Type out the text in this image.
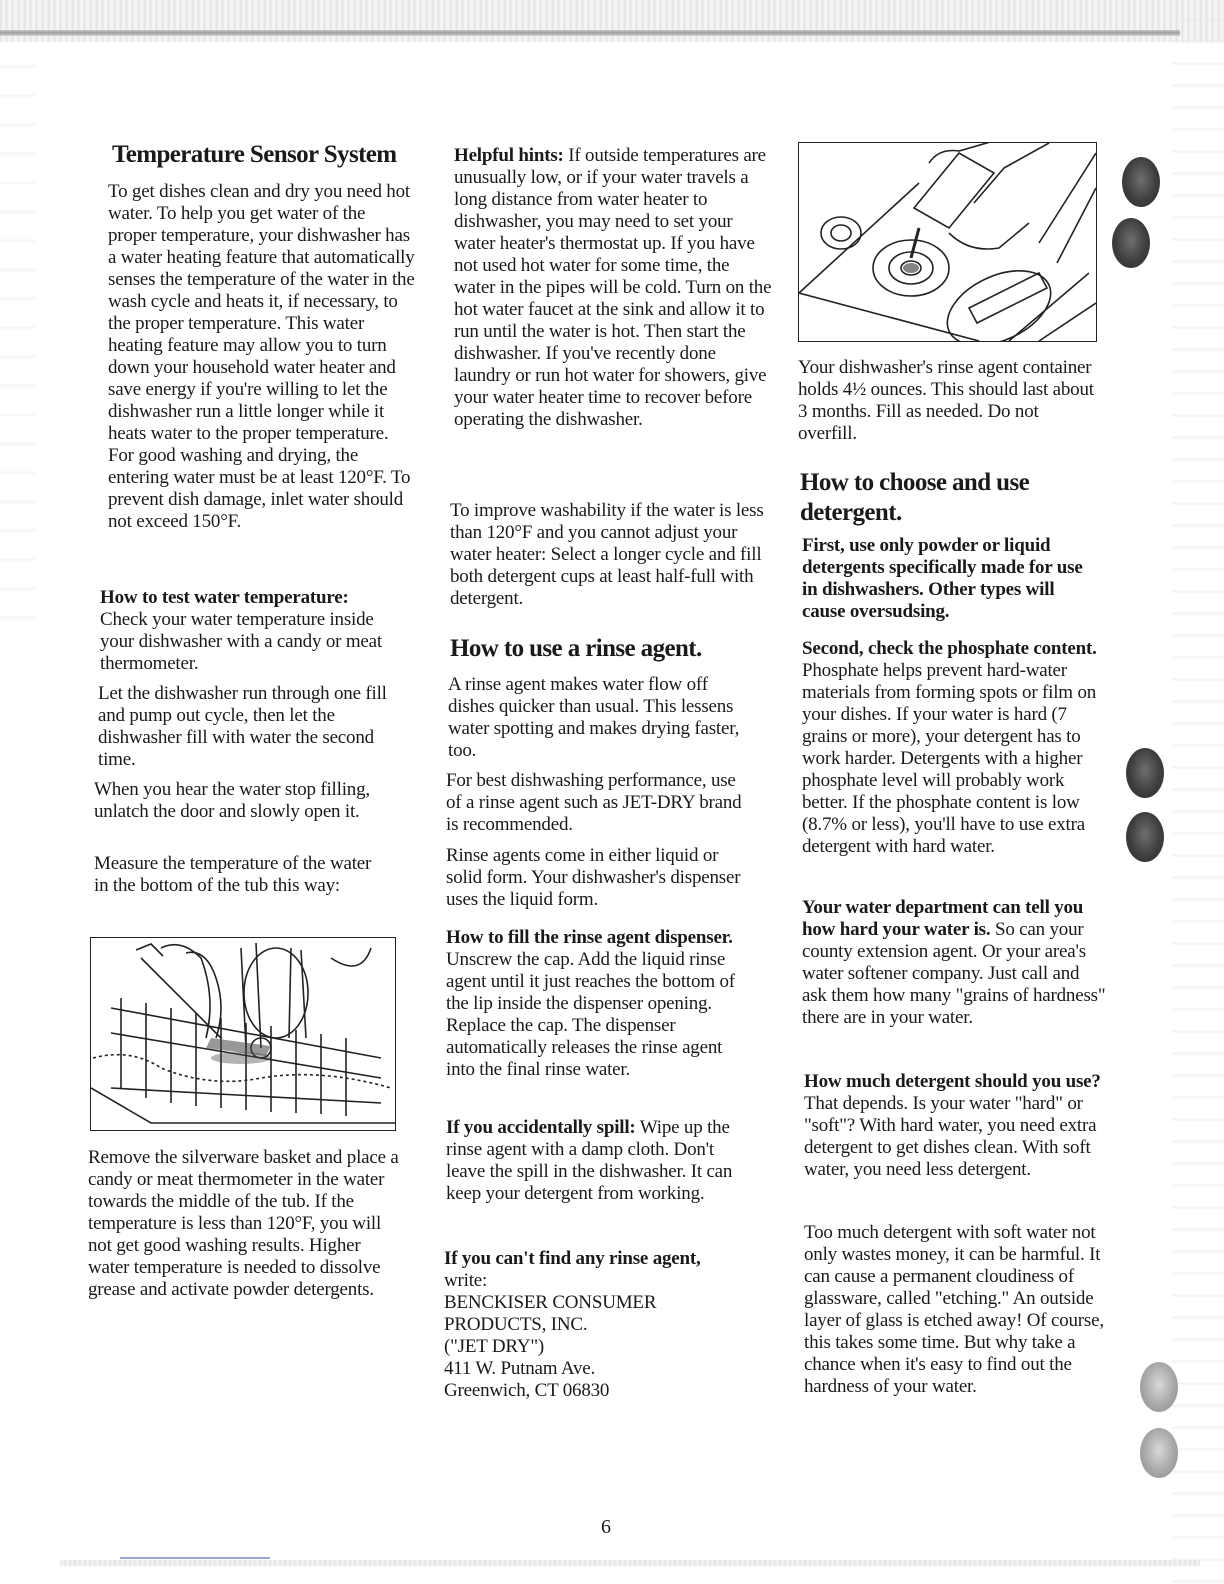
Temperature Sensor System

To get dishes clean and dry you need hot water. To help you get water of the proper temperature, your dishwasher has a water heating feature that automatically senses the temperature of the water in the wash cycle and heats it, if necessary, to the proper temperature. This water heating feature may allow you to turn down your household water heater and save energy if you're willing to let the dishwasher run a little longer while it heats water to the proper temperature. For good washing and drying, the entering water must be at least 120°F. To prevent dish damage, inlet water should not exceed 150°F.

How to test water temperature:
Check your water temperature inside your dishwasher with a candy or meat thermometer.

Let the dishwasher run through one fill and pump out cycle, then let the dishwasher fill with water the second time.

When you hear the water stop filling, unlatch the door and slowly open it.

Measure the temperature of the water in the bottom of the tub this way:

Remove the silverware basket and place a candy or meat thermometer in the water towards the middle of the tub. If the temperature is less than 120°F, you will not get good washing results. Higher water temperature is needed to dissolve grease and activate powder detergents.

Helpful hints: If outside temperatures are unusually low, or if your water travels a long distance from water heater to dishwasher, you may need to set your water heater's thermostat up. If you have not used hot water for some time, the water in the pipes will be cold. Turn on the hot water faucet at the sink and allow it to run until the water is hot. Then start the dishwasher. If you've recently done laundry or run hot water for showers, give your water heater time to recover before operating the dishwasher.

To improve washability if the water is less than 120°F and you cannot adjust your water heater: Select a longer cycle and fill both detergent cups at least half-full with detergent.

How to use a rinse agent.

A rinse agent makes water flow off dishes quicker than usual. This lessens water spotting and makes drying faster, too.

For best dishwashing performance, use of a rinse agent such as JET-DRY brand is recommended.

Rinse agents come in either liquid or solid form. Your dishwasher's dispenser uses the liquid form.

How to fill the rinse agent dispenser. Unscrew the cap. Add the liquid rinse agent until it just reaches the bottom of the lip inside the dispenser opening. Replace the cap. The dispenser automatically releases the rinse agent into the final rinse water.

If you accidentally spill: Wipe up the rinse agent with a damp cloth. Don't leave the spill in the dishwasher. It can keep your detergent from working.

If you can't find any rinse agent,
write:
BENCKISER CONSUMER
PRODUCTS, INC.
("JET DRY")
411 W. Putnam Ave.
Greenwich, CT 06830

Your dishwasher's rinse agent container holds 4½ ounces. This should last about 3 months. Fill as needed. Do not overfill.

How to choose and use detergent.

First, use only powder or liquid detergents specifically made for use in dishwashers. Other types will cause oversudsing.

Second, check the phosphate content. Phosphate helps prevent hard-water materials from forming spots or film on your dishes. If your water is hard (7 grains or more), your detergent has to work harder. Detergents with a higher phosphate level will probably work better. If the phosphate content is low (8.7% or less), you'll have to use extra detergent with hard water.

Your water department can tell you how hard your water is. So can your county extension agent. Or your area's water softener company. Just call and ask them how many "grains of hardness" there are in your water.

How much detergent should you use? That depends. Is your water "hard" or "soft"? With hard water, you need extra detergent to get dishes clean. With soft water, you need less detergent.

Too much detergent with soft water not only wastes money, it can be harmful. It can cause a permanent cloudiness of glassware, called "etching." An outside layer of glass is etched away! Of course, this takes some time. But why take a chance when it's easy to find out the hardness of your water.

6
